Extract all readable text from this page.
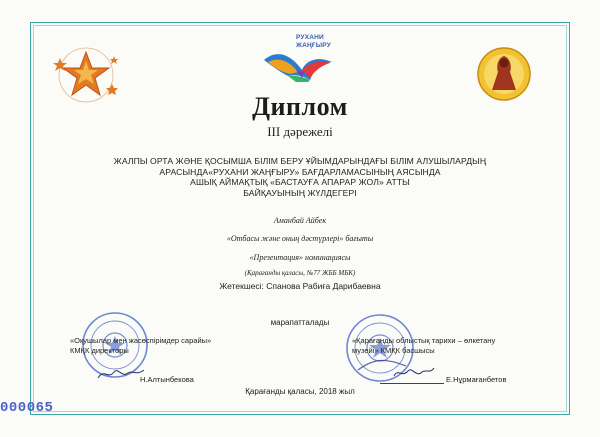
РУХАНИ
ЖАҢҒЫРУ
Диплом
III дәрежелі
ЖАЛПЫ ОРТА ЖӘНЕ ҚОСЫМША БІЛІМ БЕРУ ҰЙЫМДАРЫНДАҒЫ БІЛІМ АЛУШЫЛАРДЫҢ
АРАСЫНДА«РУХАНИ ЖАҢҒЫРУ» БАҒДАРЛАМАСЫНЫҢ АЯСЫНДА
АШЫҚ АЙМАҚТЫҚ «БАСТАУҒА АПАРАР ЖОЛ» АТТЫ
БАЙҚАУЫНЫҢ ЖҮЛДЕГЕРІ
Аманбай Айбек
«Отбасы және оның дәстүрлері» бағыты
«Презентация» номинациясы
(Қарағанды қаласы, №77 ЖББ МБК)
Жетекшесі: Спанова Рабиға Дарибаевна
марапатталады
«Оқушылар мен жасөспірімдер сарайы»
КМҚК директоры
«Қарағанды облыстық тарихи – өлкетану
музейі» КМҚК басшысы
Н.Алтынбекова	Е.Нұрмағанбетов
Қарағанды қаласы, 2018 жыл
000065
